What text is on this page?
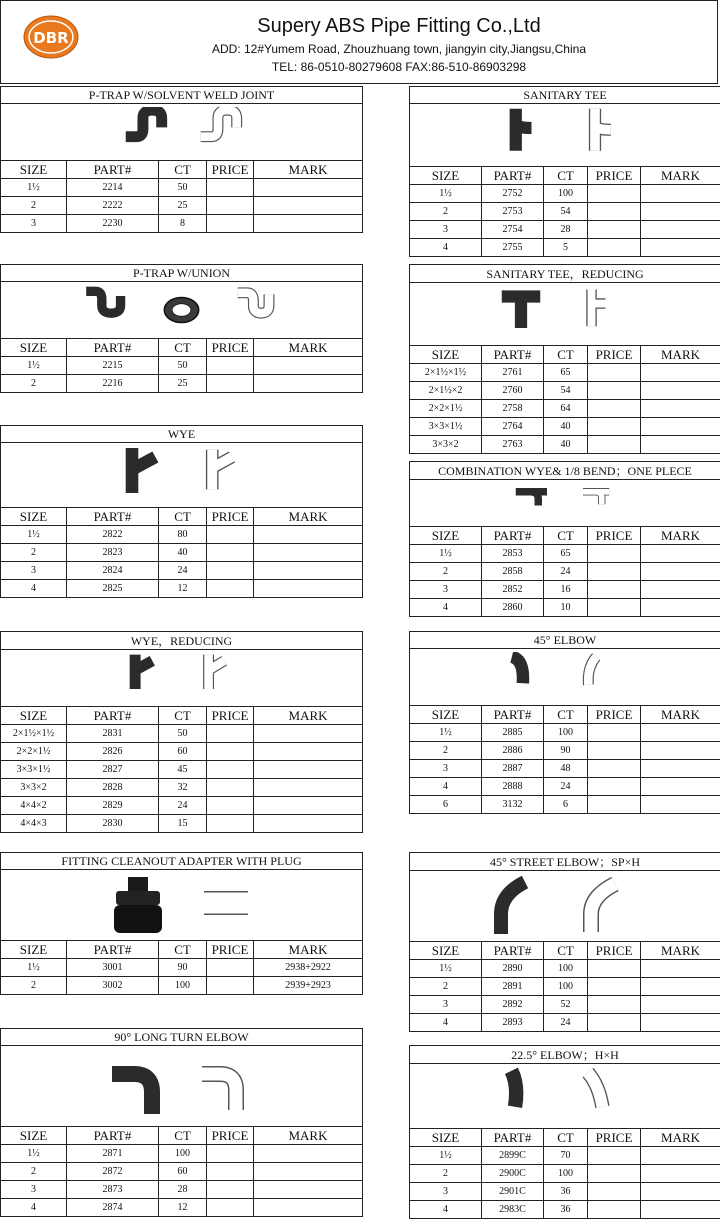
DBR
Supery ABS Pipe Fitting Co.,Ltd
ADD: 12#Yumem Road, Zhouzhuang town, jiangyin city,Jiangsu,China
TEL: 86-0510-80279608 FAX:86-510-86903298
P-TRAP W/SOLVENT WELD JOINT				

SIZE	PART#	CT	PRICE	MARK
1½	2214	50		
2	2222	25		
3	2230	8		
P-TRAP W/UNION				

SIZE	PART#	CT	PRICE	MARK
1½	2215	50		
2	2216	25		
WYE				

SIZE	PART#	CT	PRICE	MARK
1½	2822	80		
2	2823	40		
3	2824	24		
4	2825	12		
WYE，REDUCING				

SIZE	PART#	CT	PRICE	MARK
2×1½×1½	2831	50		
2×2×1½	2826	60		
3×3×1½	2827	45		
3×3×2	2828	32		
4×4×2	2829	24		
4×4×3	2830	15		
FITTING CLEANOUT ADAPTER WITH PLUG				

SIZE	PART#	CT	PRICE	MARK
1½	3001	90		2938+2922
2	3002	100		2939+2923
90° LONG TURN ELBOW				

SIZE	PART#	CT	PRICE	MARK
1½	2871	100		
2	2872	60		
3	2873	28		
4	2874	12		
SANITARY TEE				

SIZE	PART#	CT	PRICE	MARK
1½	2752	100		
2	2753	54		
3	2754	28		
4	2755	5		
SANITARY TEE，REDUCING				

SIZE	PART#	CT	PRICE	MARK
2×1½×1½	2761	65		
2×1½×2	2760	54		
2×2×1½	2758	64		
3×3×1½	2764	40		
3×3×2	2763	40		
COMBINATION WYE& 1/8 BEND；ONE PLECE				

SIZE	PART#	CT	PRICE	MARK
1½	2853	65		
2	2858	24		
3	2852	16		
4	2860	10		
45° ELBOW				

SIZE	PART#	CT	PRICE	MARK
1½	2885	100		
2	2886	90		
3	2887	48		
4	2888	24		
6	3132	6		
45° STREET ELBOW；SP×H				

SIZE	PART#	CT	PRICE	MARK
1½	2890	100		
2	2891	100		
3	2892	52		
4	2893	24		
22.5° ELBOW；H×H				

SIZE	PART#	CT	PRICE	MARK
1½	2899C	70		
2	2900C	100		
3	2901C	36		
4	2983C	36		
